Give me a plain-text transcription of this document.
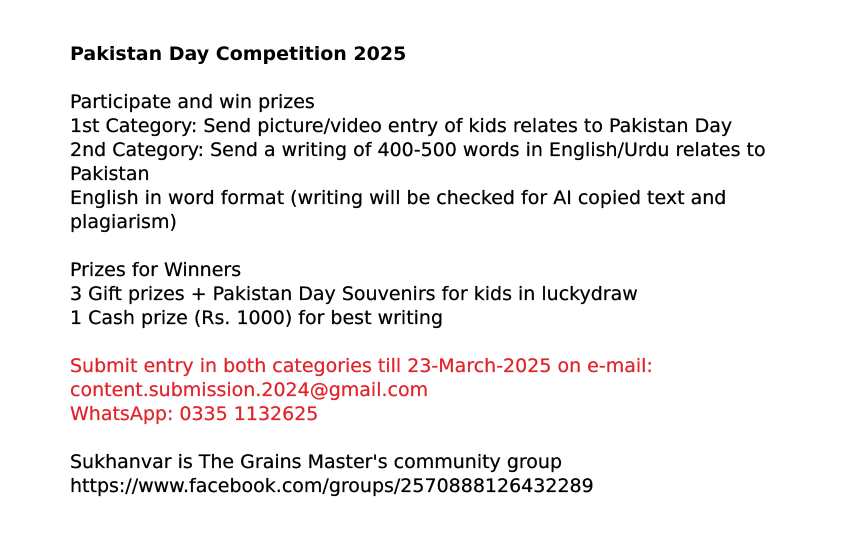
Pakistan Day Competition 2025
Participate and win prizes
1st Category: Send picture/video entry of kids relates to Pakistan Day
2nd Category: Send a writing of 400-500 words in English/Urdu relates to Pakistan
English in word format (writing will be checked for AI copied text and plagiarism)
Prizes for Winners
3 Gift prizes + Pakistan Day Souvenirs for kids in luckydraw
1 Cash prize (Rs. 1000) for best writing
Submit entry in both categories till 23-March-2025 on e-mail:
content.submission.2024@gmail.com
WhatsApp: 0335 1132625
Sukhanvar is The Grains Master's community group
https://www.facebook.com/groups/2570888126432289
